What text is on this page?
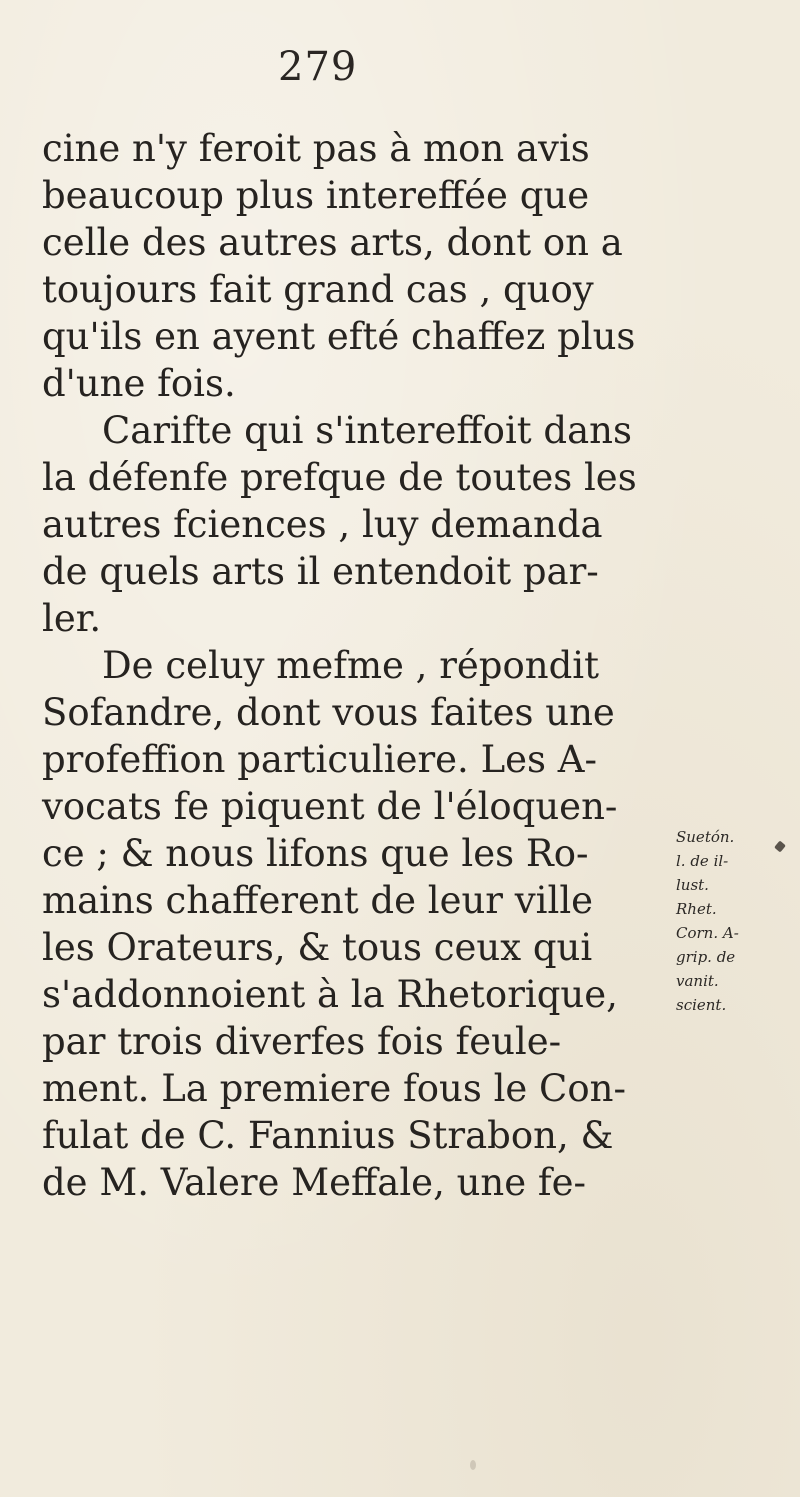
279
cine n'y feroit pas à mon avis
beaucoup plus intereffée que
celle des autres arts, dont on a
toujours fait grand cas , quoy
qu'ils en ayent efté chaffez plus
d'une fois.
Carifte qui s'intereffoit dans
la défenfe prefque de toutes les
autres fciences , luy demanda
de quels arts il entendoit par-
ler.
De celuy mefme , répondit
Sofandre, dont vous faites une
profeffion particuliere. Les A-
vocats fe piquent de l'éloquen-
ce ; & nous lifons que les Ro-
mains chafferent de leur ville
les Orateurs, & tous ceux qui
s'addonnoient à la Rhetorique,
par trois diverfes fois feule-
ment. La premiere fous le Con-
fulat de C. Fannius Strabon, &
de M. Valere Meffale, une fe-
Suetón.
l. de il-
lust.
Rhet.
Corn. A-
grip. de
vanit.
scient.
